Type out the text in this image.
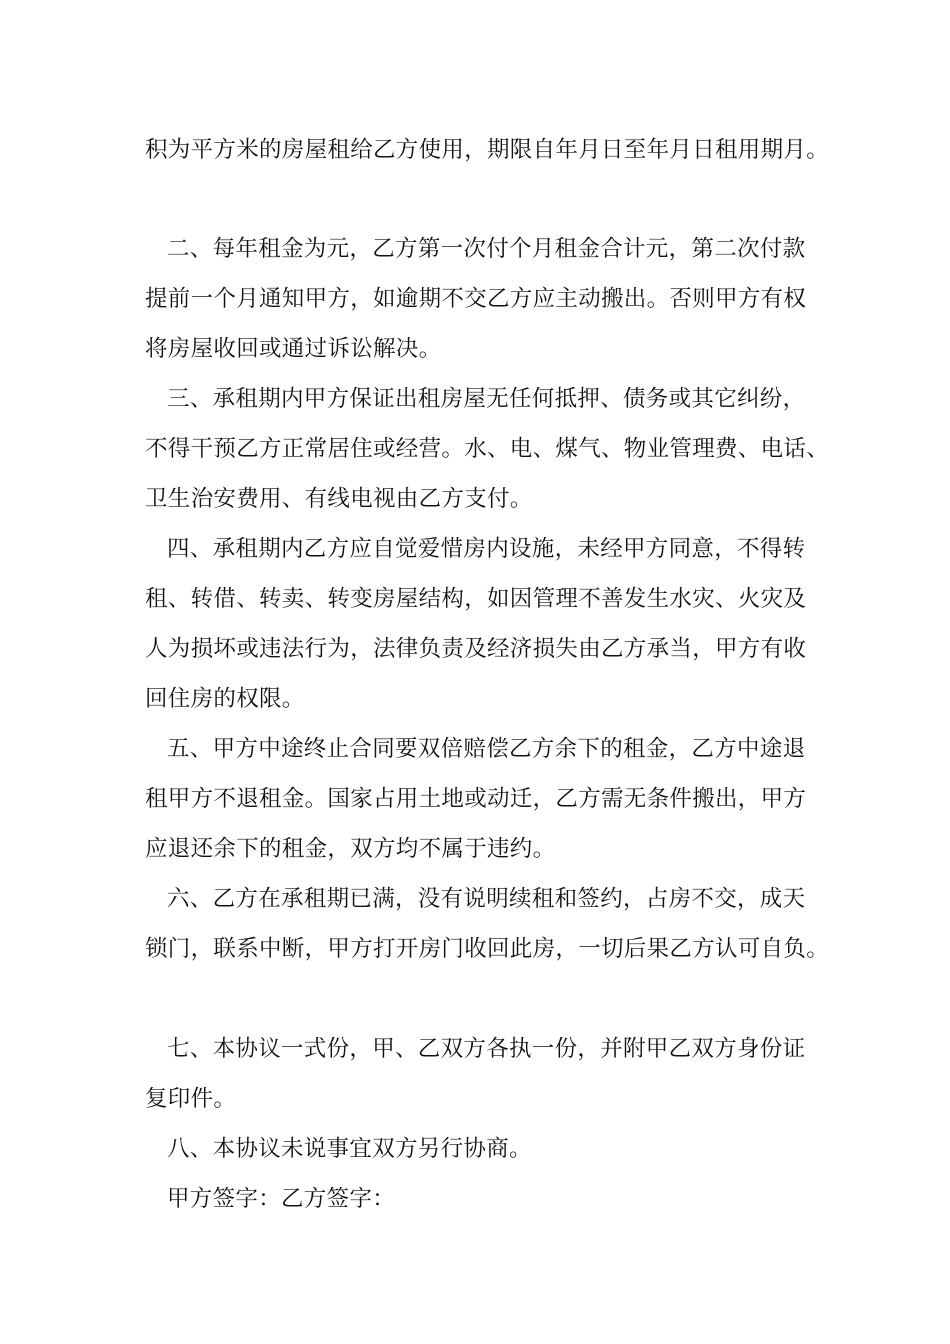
积为平方米的房屋租给乙方使用，期限自年月日至年月日租用期月。
二、每年租金为元，乙方第一次付个月租金合计元，第二次付款
提前一个月通知甲方，如逾期不交乙方应主动搬出。否则甲方有权
将房屋收回或通过诉讼解决。
三、承租期内甲方保证出租房屋无任何抵押、债务或其它纠纷，
不得干预乙方正常居住或经营。水、电、煤气、物业管理费、电话、
卫生治安费用、有线电视由乙方支付。
四、承租期内乙方应自觉爱惜房内设施，未经甲方同意，不得转
租、转借、转卖、转变房屋结构，如因管理不善发生水灾、火灾及
人为损坏或违法行为，法律负责及经济损失由乙方承当，甲方有收
回住房的权限。
五、甲方中途终止合同要双倍赔偿乙方余下的租金，乙方中途退
租甲方不退租金。国家占用土地或动迁，乙方需无条件搬出，甲方
应退还余下的租金，双方均不属于违约。
六、乙方在承租期已满，没有说明续租和签约，占房不交，成天
锁门，联系中断，甲方打开房门收回此房，一切后果乙方认可自负。
七、本协议一式份，甲、乙双方各执一份，并附甲乙双方身份证
复印件。
八、本协议未说事宜双方另行协商。
甲方签字：乙方签字：
